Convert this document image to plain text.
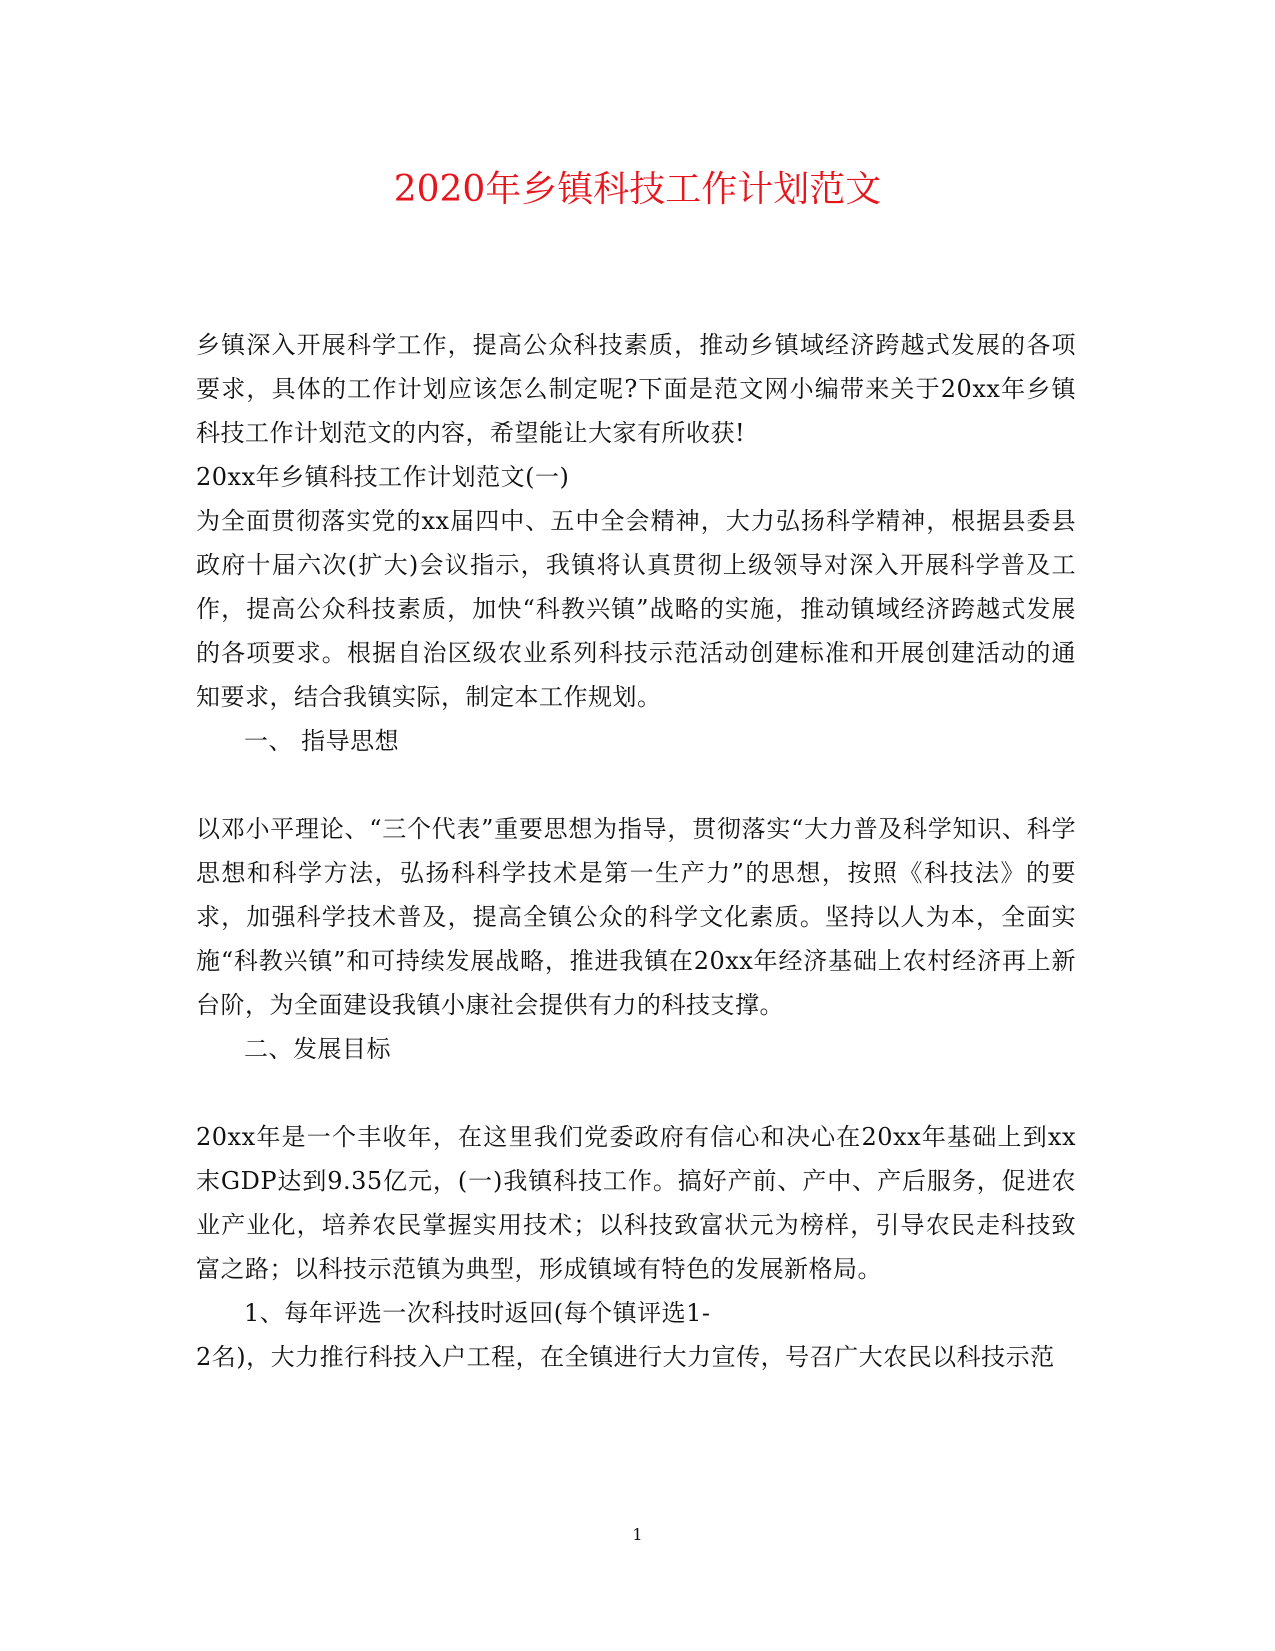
2020年乡镇科技工作计划范文

乡镇深入开展科学工作，提高公众科技素质，推动乡镇域经济跨越式发展的各项要求，具体的工作计划应该怎么制定呢?下面是范文网小编带来关于20xx年乡镇科技工作计划范文的内容，希望能让大家有所收获!

20xx年乡镇科技工作计划范文(一)

为全面贯彻落实党的xx届四中、五中全会精神，大力弘扬科学精神，根据县委县政府十届六次(扩大)会议指示，我镇将认真贯彻上级领导对深入开展科学普及工作，提高公众科技素质，加快“科教兴镇”战略的实施，推动镇域经济跨越式发展的各项要求。根据自治区级农业系列科技示范活动创建标准和开展创建活动的通知要求，结合我镇实际，制定本工作规划。

一、 指导思想

以邓小平理论、“三个代表”重要思想为指导，贯彻落实“大力普及科学知识、科学思想和科学方法，弘扬科科学技术是第一生产力”的思想，按照《科技法》的要求，加强科学技术普及，提高全镇公众的科学文化素质。坚持以人为本，全面实施“科教兴镇”和可持续发展战略，推进我镇在20xx年经济基础上农村经济再上新台阶，为全面建设我镇小康社会提供有力的科技支撑。

二、发展目标

20xx年是一个丰收年，在这里我们党委政府有信心和决心在20xx年基础上到xx末GDP达到9.35亿元，(一)我镇科技工作。搞好产前、产中、产后服务，促进农业产业化，培养农民掌握实用技术；以科技致富状元为榜样，引导农民走科技致富之路；以科技示范镇为典型，形成镇域有特色的发展新格局。

1、每年评选一次科技时返回(每个镇评选1-

2名)，大力推行科技入户工程，在全镇进行大力宣传，号召广大农民以科技示范

1
